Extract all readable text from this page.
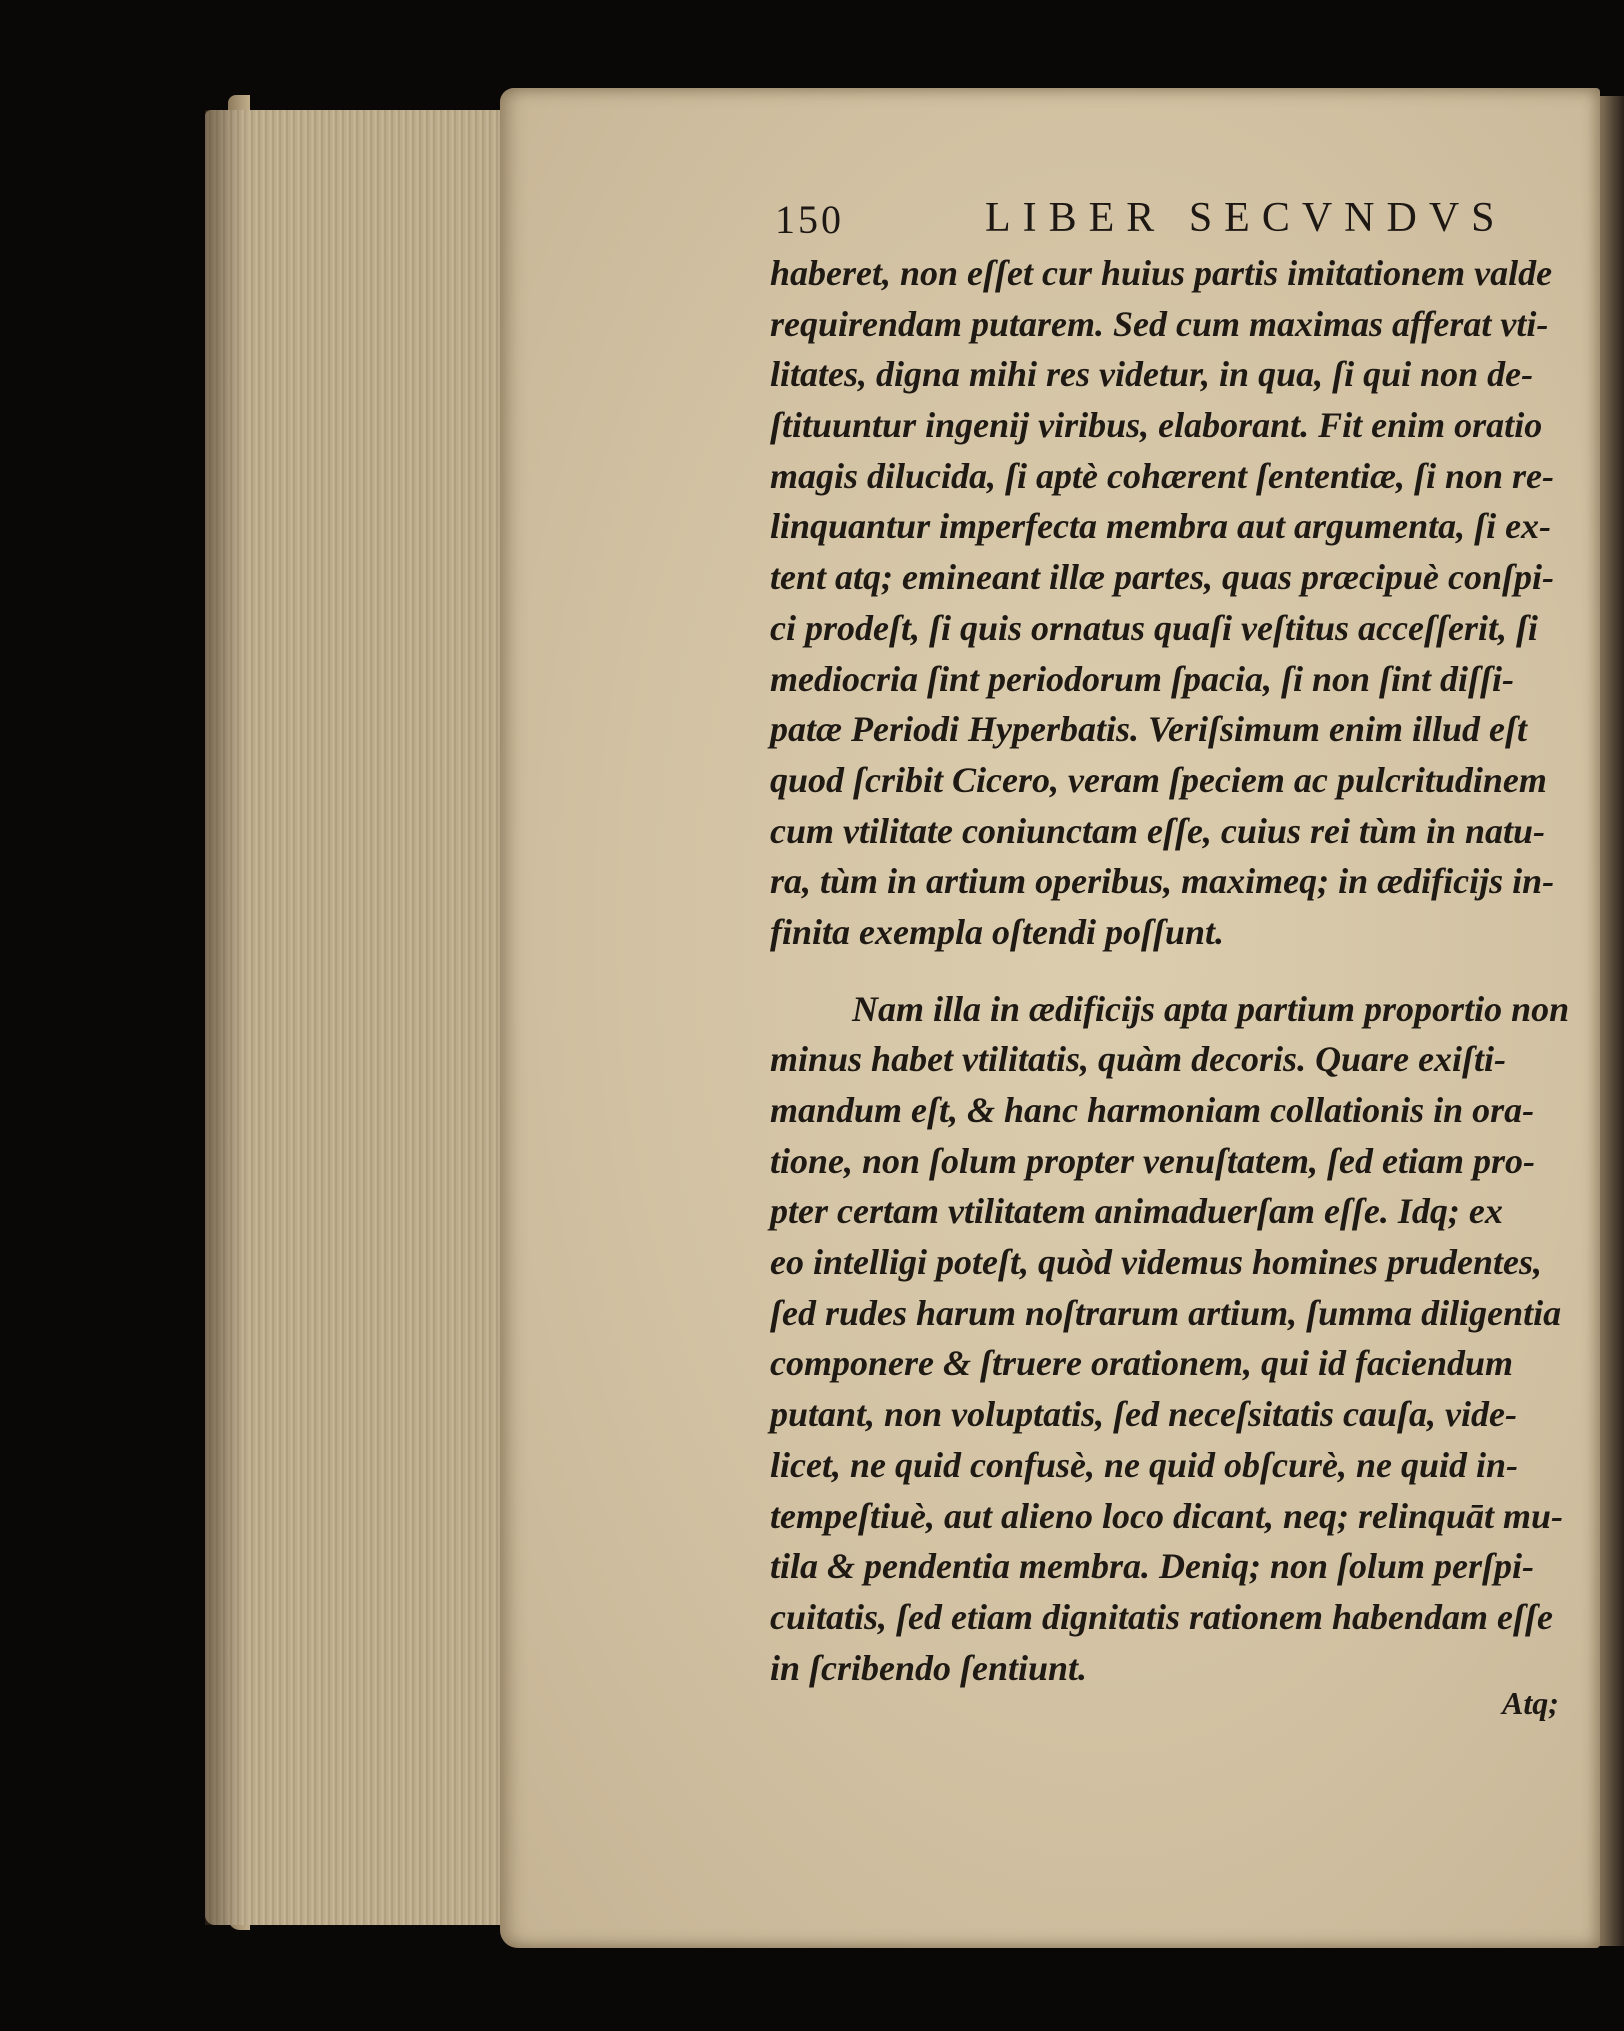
150	LIBER SECVNDVS
haberet, non eſſet cur huius partis imitationem valde
requirendam putarem. Sed cum maximas afferat vti-
litates, digna mihi res videtur, in qua, ſi qui non de-
ſtituuntur ingenij viribus, elaborant. Fit enim oratio
magis dilucida, ſi aptè cohærent ſententiæ, ſi non re-
linquantur imperfecta membra aut argumenta, ſi ex-
tent atq; emineant illæ partes, quas præcipuè conſpi-
ci prodeſt, ſi quis ornatus quaſi veſtitus acceſſerit, ſi
mediocria ſint periodorum ſpacia, ſi non ſint diſſi-
patæ Periodi Hyperbatis. Veriſsimum enim illud eſt
quod ſcribit Cicero, veram ſpeciem ac pulcritudinem
cum vtilitate coniunctam eſſe, cuius rei tùm in natu-
ra, tùm in artium operibus, maximeq; in ædificijs in-
finita exempla oſtendi poſſunt.
Nam illa in ædificijs apta partium proportio non
minus habet vtilitatis, quàm decoris. Quare exiſti-
mandum eſt, & hanc harmoniam collationis in ora-
tione, non ſolum propter venuſtatem, ſed etiam pro-
pter certam vtilitatem animaduerſam eſſe. Idq; ex
eo intelligi poteſt, quòd videmus homines prudentes,
ſed rudes harum noſtrarum artium, ſumma diligentia
componere & ſtruere orationem, qui id faciendum
putant, non voluptatis, ſed neceſsitatis cauſa, vide-
licet, ne quid confusè, ne quid obſcurè, ne quid in-
tempeſtiuè, aut alieno loco dicant, neq; relinquāt mu-
tila & pendentia membra. Deniq; non ſolum perſpi-
cuitatis, ſed etiam dignitatis rationem habendam eſſe
in ſcribendo ſentiunt.
Atq;
